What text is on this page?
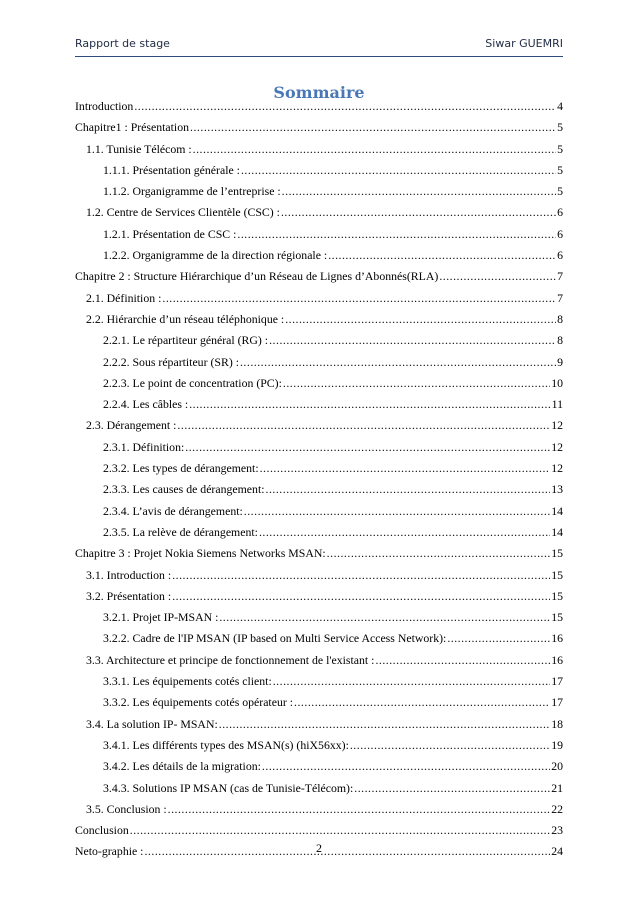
Rapport de stage	Siwar GUEMRI
Sommaire
Introduction .....	4
Chapitre1 : Présentation .....	5
1.1. Tunisie Télécom : .....	5
1.1.1. Présentation générale : .....	5
1.1.2. Organigramme de l’entreprise : .....	5
1.2. Centre de Services Clientèle (CSC) : .....	6
1.2.1. Présentation de CSC : .....	6
1.2.2. Organigramme de la direction régionale : .....	6
Chapitre 2 : Structure Hiérarchique d’un Réseau de Lignes d’Abonnés(RLA) .....	7
2.1. Définition : .....	7
2.2. Hiérarchie d’un réseau téléphonique : .....	8
2.2.1. Le répartiteur général (RG) : .....	8
2.2.2. Sous répartiteur (SR) : .....	9
2.2.3. Le point de concentration (PC): .....	10
2.2.4. Les câbles : .....	11
2.3. Dérangement : .....	12
2.3.1. Définition: .....	12
2.3.2. Les types de dérangement: .....	12
2.3.3. Les causes de dérangement: .....	13
2.3.4. L’avis de dérangement: .....	14
2.3.5. La relève de dérangement: .....	14
Chapitre 3 : Projet Nokia Siemens Networks MSAN: .....	15
3.1. Introduction : .....	15
3.2. Présentation : .....	15
3.2.1. Projet IP-MSAN : .....	15
3.2.2. Cadre de l'IP MSAN (IP based on Multi Service Access Network): .....	16
3.3. Architecture et principe de fonctionnement de l'existant : .....	16
3.3.1. Les équipements cotés client: .....	17
3.3.2. Les équipements cotés opérateur : .....	17
3.4. La solution IP- MSAN: .....	18
3.4.1. Les différents types des MSAN(s) (hiX56xx): .....	19
3.4.2. Les détails de la migration: .....	20
3.4.3. Solutions IP MSAN (cas de Tunisie-Télécom): .....	21
3.5. Conclusion : .....	22
Conclusion .....	23
Neto-graphie : .....	24
2
